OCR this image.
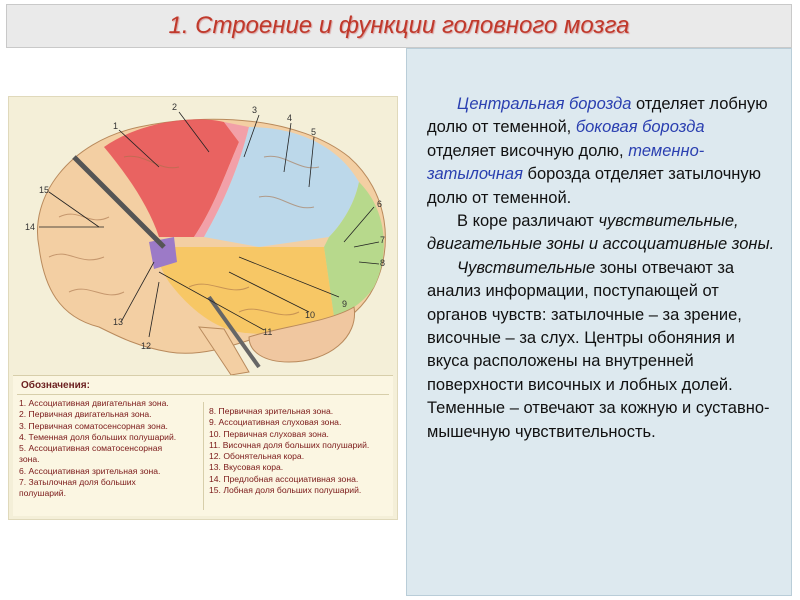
1. Строение и функции головного мозга
1
2	3
4
5
6
7
8
9
10
11
12
13
14
15
Обозначения:
1. Ассоциативная двигательная зона.
2. Первичная двигательная зона.
3. Первичная соматосенсорная зона.
4. Теменная доля больших полушарий.
5. Ассоциативная соматосенсорная
зона.
6. Ассоциативная зрительная зона.
7. Затылочная доля больших
полушарий.
8. Первичная зрительная зона.
9. Ассоциативная слуховая зона.
10. Первичная слуховая зона.
11. Височная доля больших полушарий.
12. Обонятельная кора.
13. Вкусовая кора.
14. Предлобная ассоциативная зона.
15. Лобная доля больших полушарий.

Центральная борозда отделяет лобную долю от теменной, боковая борозда отделяет височную долю, теменно-затылочная борозда отделяет затылочную долю от теменной.

В коре различают чувствительные, двигательные зоны и ассоциативные зоны.

Чувствительные зоны отвечают за анализ информации, поступающей от органов чувств: затылочные – за зрение, височные – за слух. Центры обоняния и вкуса расположены на внутренней поверхности височных и лобных долей. Теменные – отвечают за кожную и суставно-мышечную чувствительность.
